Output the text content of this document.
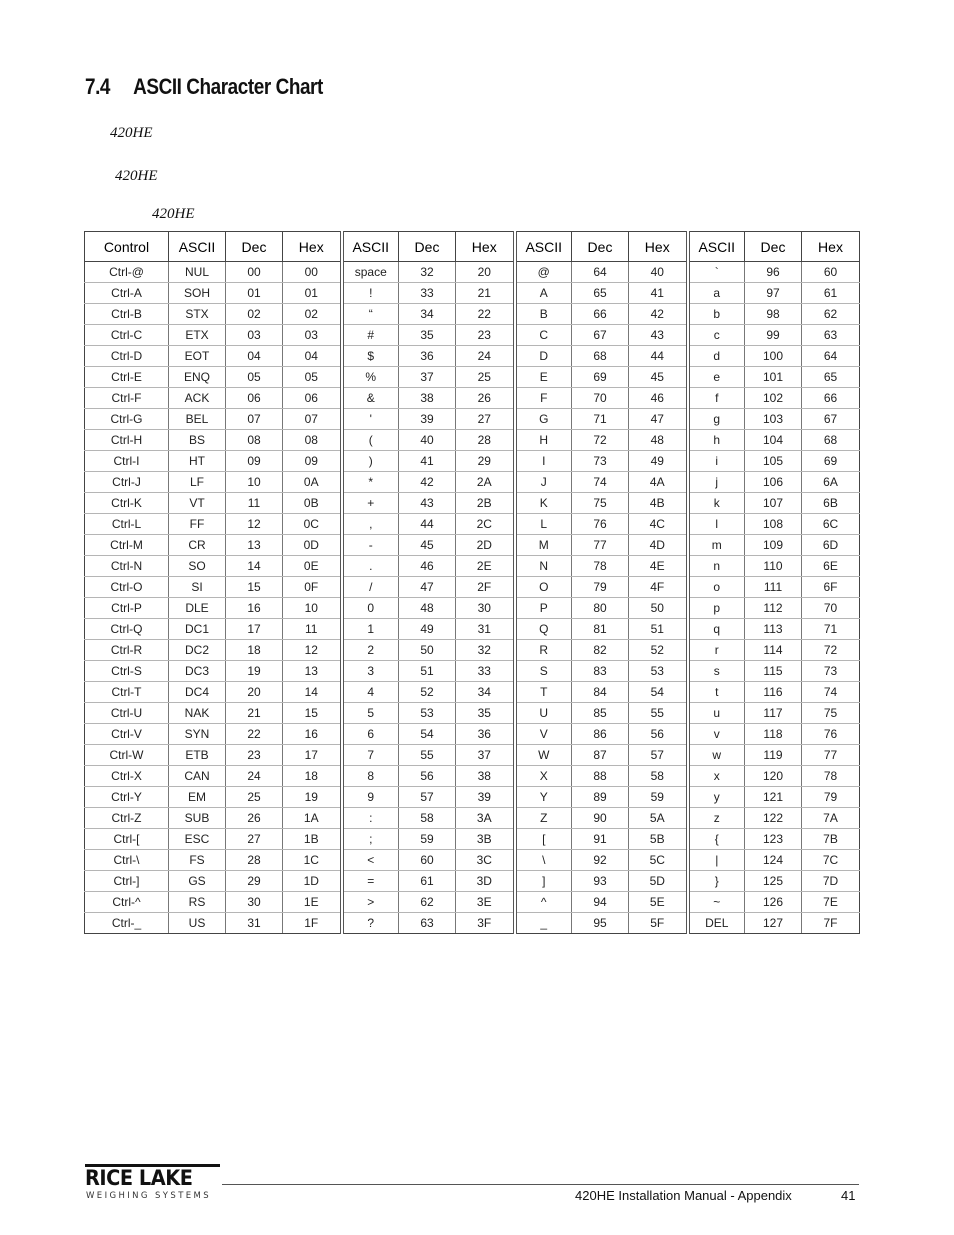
7.4 ASCII Character Chart

420HE

420HE

420HE

Control	ASCII	Dec	Hex	ASCII	Dec	Hex	ASCII	Dec	Hex	ASCII	Dec	Hex
Ctrl-@	NUL	00	00	space	32	20	@	64	40	`	96	60
Ctrl-A	SOH	01	01	!	33	21	A	65	41	a	97	61
Ctrl-B	STX	02	02	“	34	22	B	66	42	b	98	62
Ctrl-C	ETX	03	03	#	35	23	C	67	43	c	99	63
Ctrl-D	EOT	04	04	$	36	24	D	68	44	d	100	64
Ctrl-E	ENQ	05	05	%	37	25	E	69	45	e	101	65
Ctrl-F	ACK	06	06	&	38	26	F	70	46	f	102	66
Ctrl-G	BEL	07	07	'	39	27	G	71	47	g	103	67
Ctrl-H	BS	08	08	(	40	28	H	72	48	h	104	68
Ctrl-I	HT	09	09	)	41	29	I	73	49	i	105	69
Ctrl-J	LF	10	0A	*	42	2A	J	74	4A	j	106	6A
Ctrl-K	VT	11	0B	+	43	2B	K	75	4B	k	107	6B
Ctrl-L	FF	12	0C	,	44	2C	L	76	4C	l	108	6C
Ctrl-M	CR	13	0D	-	45	2D	M	77	4D	m	109	6D
Ctrl-N	SO	14	0E	.	46	2E	N	78	4E	n	110	6E
Ctrl-O	SI	15	0F	/	47	2F	O	79	4F	o	111	6F
Ctrl-P	DLE	16	10	0	48	30	P	80	50	p	112	70
Ctrl-Q	DC1	17	11	1	49	31	Q	81	51	q	113	71
Ctrl-R	DC2	18	12	2	50	32	R	82	52	r	114	72
Ctrl-S	DC3	19	13	3	51	33	S	83	53	s	115	73
Ctrl-T	DC4	20	14	4	52	34	T	84	54	t	116	74
Ctrl-U	NAK	21	15	5	53	35	U	85	55	u	117	75
Ctrl-V	SYN	22	16	6	54	36	V	86	56	v	118	76
Ctrl-W	ETB	23	17	7	55	37	W	87	57	w	119	77
Ctrl-X	CAN	24	18	8	56	38	X	88	58	x	120	78
Ctrl-Y	EM	25	19	9	57	39	Y	89	59	y	121	79
Ctrl-Z	SUB	26	1A	:	58	3A	Z	90	5A	z	122	7A
Ctrl-[	ESC	27	1B	;	59	3B	[	91	5B	{	123	7B
Ctrl-\	FS	28	1C	<	60	3C	\	92	5C	|	124	7C
Ctrl-]	GS	29	1D	=	61	3D	]	93	5D	}	125	7D
Ctrl-^	RS	30	1E	>	62	3E	^	94	5E	~	126	7E
Ctrl-_	US	31	1F	?	63	3F	_	95	5F	DEL	127	7F
RICE LAKE
WEIGHING SYSTEMS	420HE Installation Manual - Appendix	41
